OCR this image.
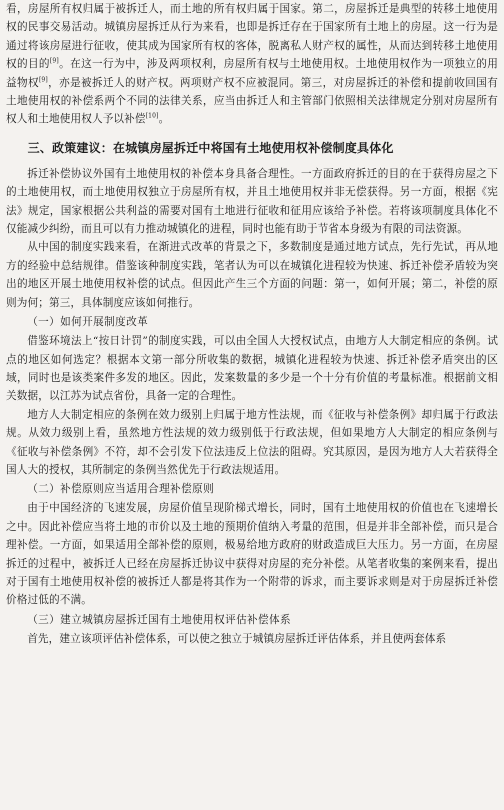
看，房屋所有权归属于被拆迁人，而土地的所有权归属于国家。第二，房屋拆迁是典型的转移土地使用权的民事交易活动。城镇房屋拆迁从行为来看，也即是拆迁存在于国家所有土地上的房屋。这一行为是通过将该房屋进行征收，使其成为国家所有权的客体，脱离私人财产权的属性，从而达到转移土地使用权的目的[9]。在这一行为中，涉及两项权利，房屋所有权与土地使用权。土地使用权作为一项独立的用益物权[9]，亦是被拆迁人的财产权。两项财产权不应被混同。第三，对房屋拆迁的补偿和提前收回国有土地使用权的补偿系两个不同的法律关系，应当由拆迁人和主管部门依照相关法律规定分别对房屋所有权人和土地使用权人予以补偿[10]。

三、政策建议：在城镇房屋拆迁中将国有土地使用权补偿制度具体化

拆迁补偿协议外国有土地使用权的补偿本身具备合理性。一方面政府拆迁的目的在于获得房屋之下的土地使用权，而土地使用权独立于房屋所有权，并且土地使用权并非无偿获得。另一方面，根据《宪法》规定，国家根据公共利益的需要对国有土地进行征收和征用应该给予补偿。若将该项制度具体化不仅能减少纠纷，而且可以有力推动城镇化的进程，同时也能有助于节省本身级为有限的司法资源。

从中国的制度实践来看，在渐进式改革的背景之下，多数制度是通过地方试点，先行先试，再从地方的经验中总结规律。借鉴该种制度实践，笔者认为可以在城镇化进程较为快速、拆迁补偿矛盾较为突出的地区开展土地使用权补偿的试点。但因此产生三个方面的问题：第一，如何开展；第二，补偿的原则为何；第三，具体制度应该如何推行。

（一）如何开展制度改革

借鉴环境法上“按日计罚”的制度实践，可以由全国人大授权试点，由地方人大制定相应的条例。试点的地区如何选定？根据本文第一部分所收集的数据，城镇化进程较为快速、拆迁补偿矛盾突出的区域，同时也是该类案件多发的地区。因此，发案数量的多少是一个十分有价值的考量标准。根据前文相关数据，以江苏为试点省份，具备一定的合理性。

地方人大制定相应的条例在效力级别上归属于地方性法规，而《征收与补偿条例》却归属于行政法规。从效力级别上看，虽然地方性法规的效力级别低于行政法规，但如果地方人大制定的相应条例与《征收与补偿条例》不符，却不会引发下位法违反上位法的阻碍。究其原因，是因为地方人大若获得全国人大的授权，其所制定的条例当然优先于行政法规适用。

（二）补偿原则应当适用合理补偿原则

由于中国经济的飞速发展，房屋价值呈现阶梯式增长，同时，国有土地使用权的价值也在飞速增长之中。因此补偿应当将土地的市价以及土地的预期价值纳入考量的范围，但是并非全部补偿，而只是合理补偿。一方面，如果适用全部补偿的原则，极易给地方政府的财政造成巨大压力。另一方面，在房屋拆迁的过程中，被拆迁人已经在房屋拆迁协议中获得对房屋的充分补偿。从笔者收集的案例来看，提出对于国有土地使用权补偿的被拆迁人都是将其作为一个附带的诉求，而主要诉求则是对于房屋拆迁补偿价格过低的不满。

（三）建立城镇房屋拆迁国有土地使用权评估补偿体系

首先，建立该项评估补偿体系，可以使之独立于城镇房屋拆迁评估体系，并且使两套体系
